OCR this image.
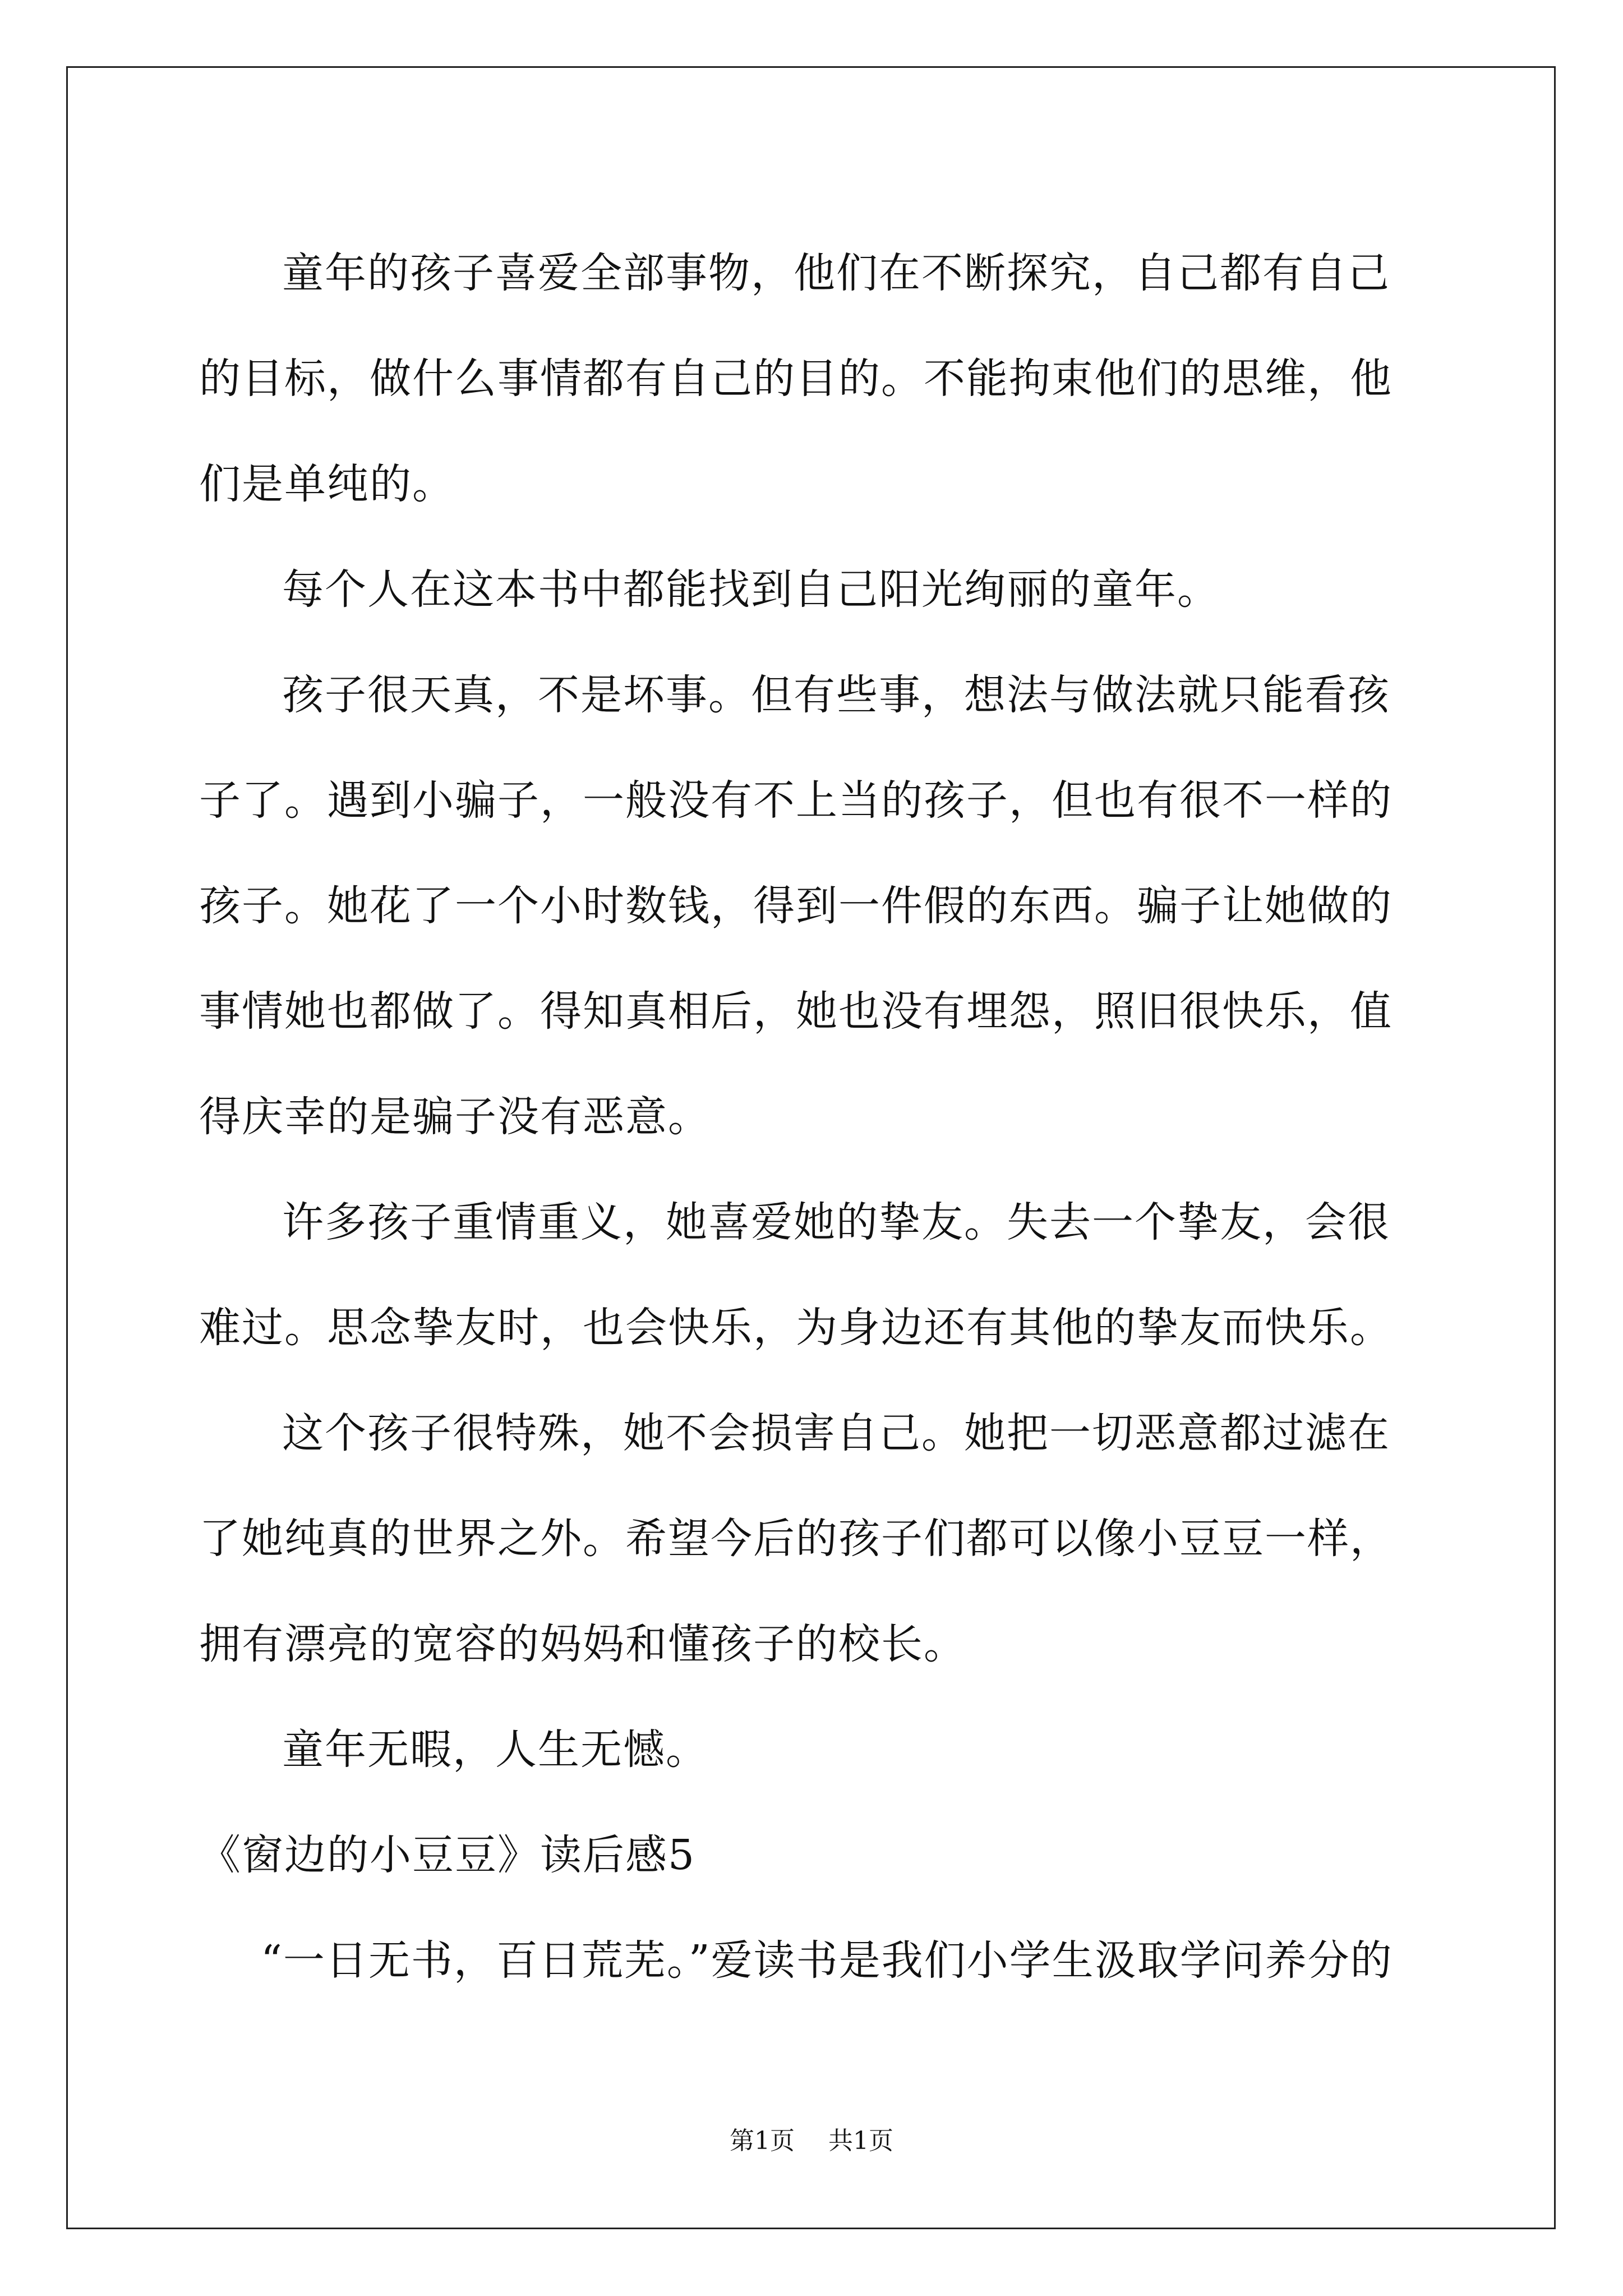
童年的孩子喜爱全部事物，他们在不断探究，自己都有自己的目标，做什么事情都有自己的目的。不能拘束他们的思维，他们是单纯的。

每个人在这本书中都能找到自己阳光绚丽的童年。

孩子很天真，不是坏事。但有些事，想法与做法就只能看孩子了。遇到小骗子，一般没有不上当的孩子，但也有很不一样的孩子。她花了一个小时数钱，得到一件假的东西。骗子让她做的事情她也都做了。得知真相后，她也没有埋怨，照旧很快乐，值得庆幸的是骗子没有恶意。

许多孩子重情重义，她喜爱她的挚友。失去一个挚友，会很难过。思念挚友时，也会快乐，为身边还有其他的挚友而快乐。

这个孩子很特殊，她不会损害自己。她把一切恶意都过滤在了她纯真的世界之外。希望今后的孩子们都可以像小豆豆一样，拥有漂亮的宽容的妈妈和懂孩子的校长。

童年无暇，人生无憾。

《窗边的小豆豆》读后感5

“一日无书，百日荒芜。”爱读书是我们小学生汲取学问养分的

第1页 共1页
